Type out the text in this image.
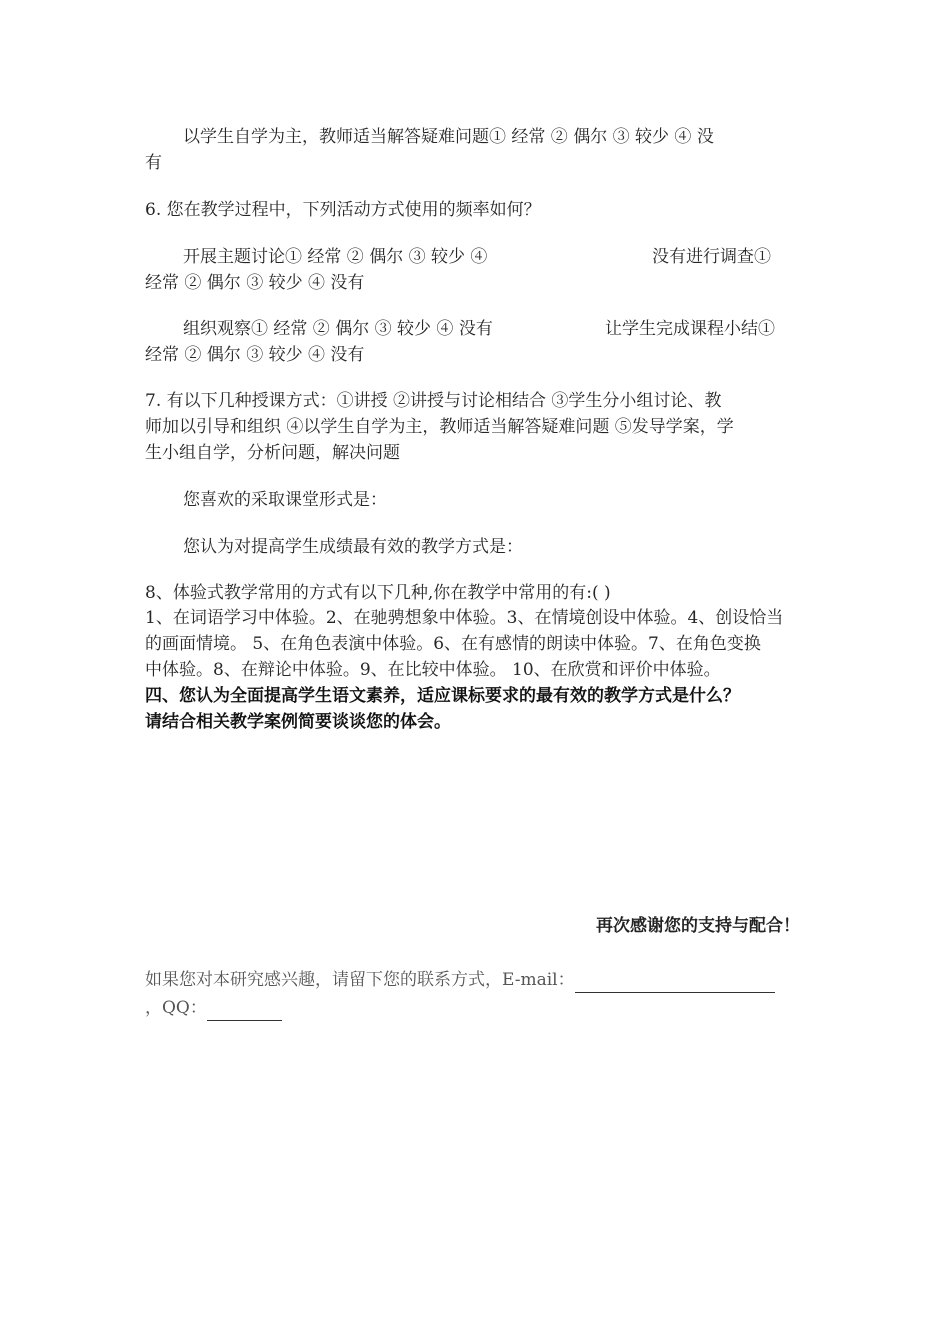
以学生自学为主，教师适当解答疑难问题① 经常 ② 偶尔 ③ 较少 ④ 没
有
6. 您在教学过程中，下列活动方式使用的频率如何？
开展主题讨论① 经常 ② 偶尔 ③ 较少 ④	没有进行调查①
经常 ② 偶尔 ③ 较少 ④ 没有
组织观察① 经常 ② 偶尔 ③ 较少 ④ 没有	让学生完成课程小结①
经常 ② 偶尔 ③ 较少 ④ 没有
7. 有以下几种授课方式：①讲授 ②讲授与讨论相结合 ③学生分小组讨论、教
师加以引导和组织 ④以学生自学为主，教师适当解答疑难问题 ⑤发导学案，学
生小组自学，分析问题，解决问题
您喜欢的采取课堂形式是：
您认为对提高学生成绩最有效的教学方式是：
8、体验式教学常用的方式有以下几种,你在教学中常用的有:( )
1、在词语学习中体验。2、在驰骋想象中体验。3、在情境创设中体验。4、创设恰当
的画面情境。 5、在角色表演中体验。6、在有感情的朗读中体验。7、在角色变换
中体验。8、在辩论中体验。9、在比较中体验。 10、在欣赏和评价中体验。
四、您认为全面提高学生语文素养，适应课标要求的最有效的教学方式是什么？
请结合相关教学案例简要谈谈您的体会。
再次感谢您的支持与配合！
如果您对本研究感兴趣，请留下您的联系方式，E-mail：
，QQ：
